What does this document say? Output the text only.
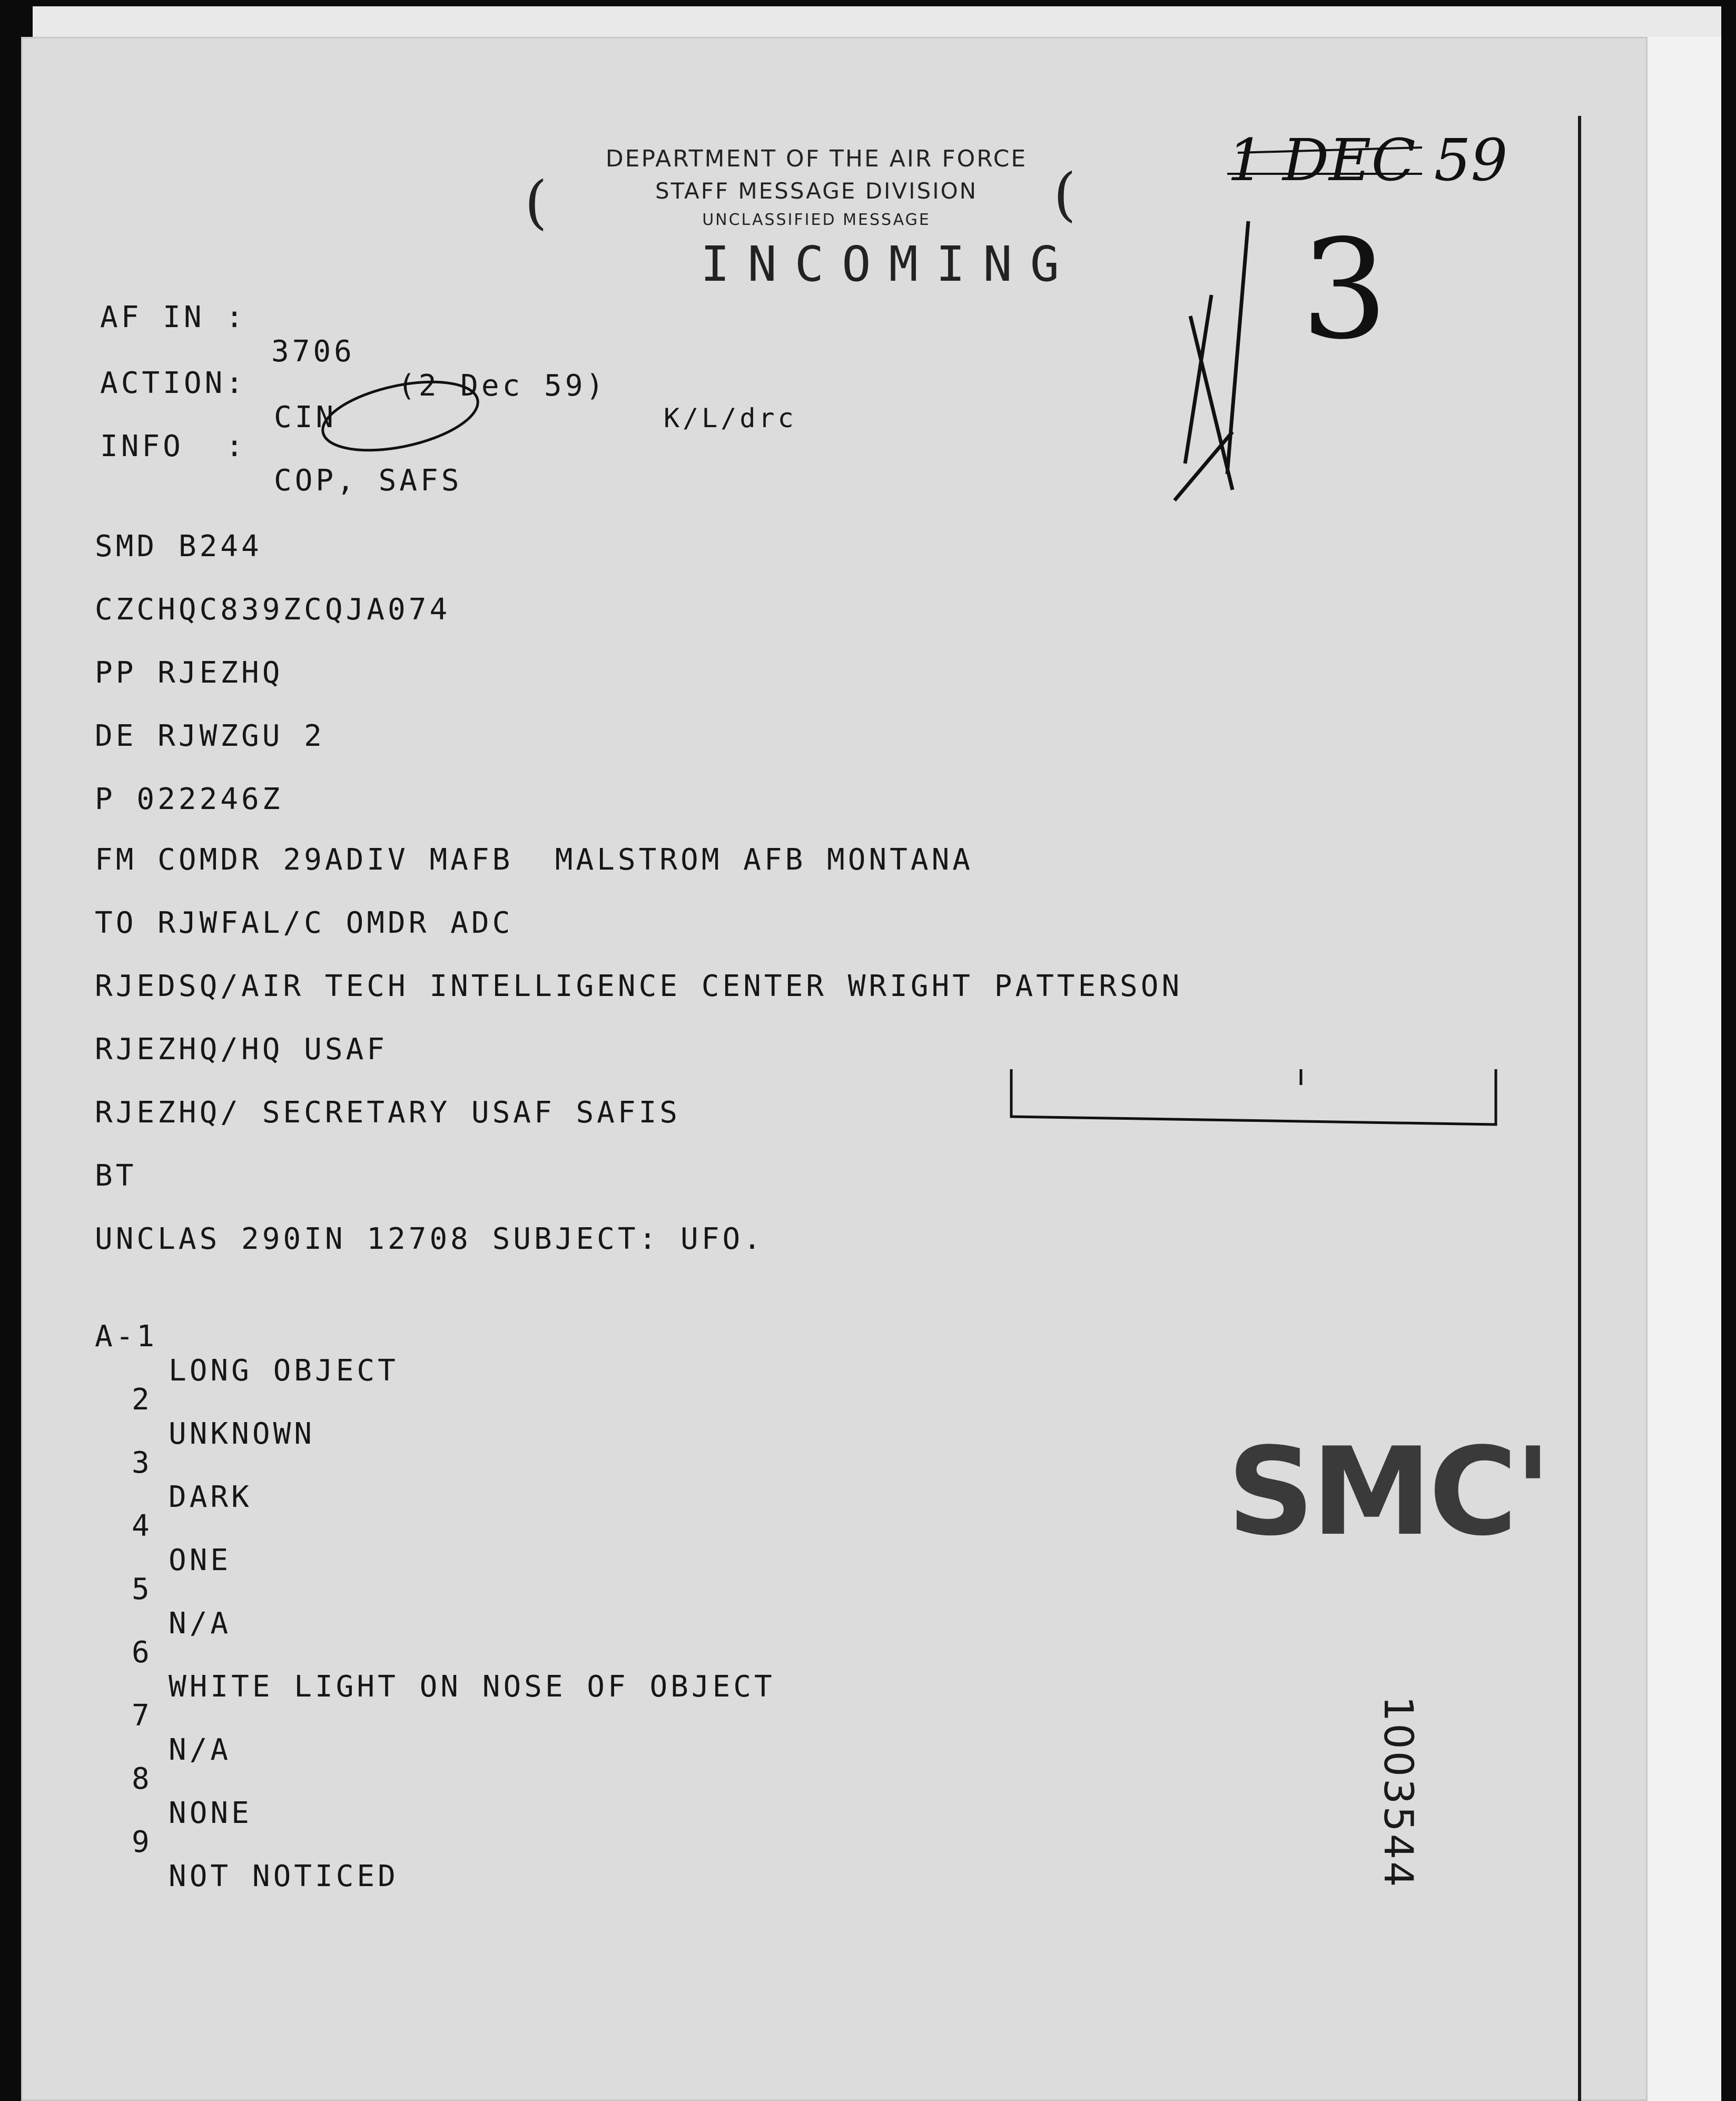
DEPARTMENT OF THE AIR FORCE
STAFF MESSAGE DIVISION
UNCLASSIFIED MESSAGE
(	(
INCOMING

AF IN :

3706

(2 Dec 59)

K/L/drc

ACTION:

CIN

INFO  :

COP, SAFS

1 DEC 59
3
SMD B244
CZCHQC839ZCQJA074
PP RJEZHQ
DE RJWZGU 2
P 022246Z
FM COMDR 29ADIV MAFB  MALSTROM AFB MONTANA
TO RJWFAL/C OMDR ADC
RJEDSQ/AIR TECH INTELLIGENCE CENTER WRIGHT PATTERSON
RJEZHQ/HQ USAF
RJEZHQ/ SECRETARY USAF SAFIS
BT
UNCLAS 290IN 12708 SUBJECT: UFO.

A-1

LONG OBJECT

2

UNKNOWN

3

DARK

4

ONE

5

N/A

6

WHITE LIGHT ON NOSE OF OBJECT

7

N/A

8

NONE

9

NOT NOTICED

SMC'
1003544
